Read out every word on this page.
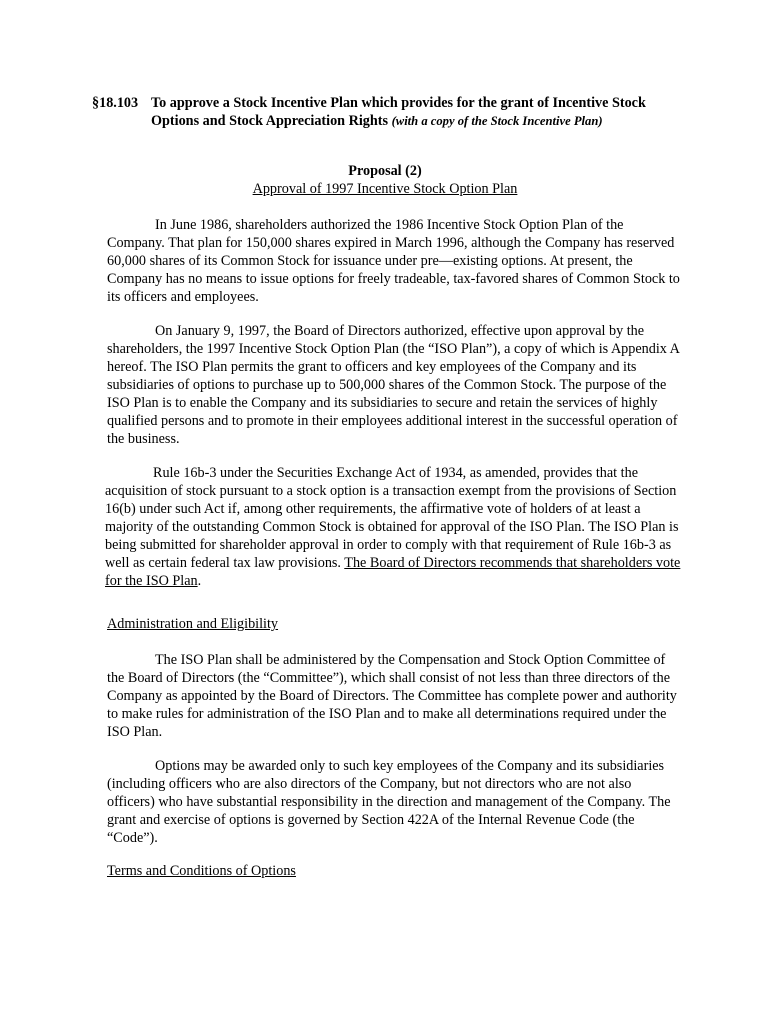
§18.103 To approve a Stock Incentive Plan which provides for the grant of Incentive Stock Options and Stock Appreciation Rights (with a copy of the Stock Incentive Plan)
Proposal (2)
Approval of 1997 Incentive Stock Option Plan
In June 1986, shareholders authorized the 1986 Incentive Stock Option Plan of the Company. That plan for 150,000 shares expired in March 1996, although the Company has reserved 60,000 shares of its Common Stock for issuance under pre—existing options. At present, the Company has no means to issue options for freely tradeable, tax-favored shares of Common Stock to its officers and employees.
On January 9, 1997, the Board of Directors authorized, effective upon approval by the shareholders, the 1997 Incentive Stock Option Plan (the “ISO Plan”), a copy of which is Appendix A hereof. The ISO Plan permits the grant to officers and key employees of the Company and its subsidiaries of options to purchase up to 500,000 shares of the Common Stock. The purpose of the ISO Plan is to enable the Company and its subsidiaries to secure and retain the services of highly qualified persons and to promote in their employees additional interest in the successful operation of the business.
Rule 16b-3 under the Securities Exchange Act of 1934, as amended, provides that the acquisition of stock pursuant to a stock option is a transaction exempt from the provisions of Section 16(b) under such Act if, among other requirements, the affirmative vote of holders of at least a majority of the outstanding Common Stock is obtained for approval of the ISO Plan. The ISO Plan is being submitted for shareholder approval in order to comply with that requirement of Rule 16b-3 as well as certain federal tax law provisions. The Board of Directors recommends that shareholders vote for the ISO Plan.
Administration and Eligibility
The ISO Plan shall be administered by the Compensation and Stock Option Committee of the Board of Directors (the “Committee”), which shall consist of not less than three directors of the Company as appointed by the Board of Directors. The Committee has complete power and authority to make rules for administration of the ISO Plan and to make all determinations required under the ISO Plan.
Options may be awarded only to such key employees of the Company and its subsidiaries (including officers who are also directors of the Company, but not directors who are not also officers) who have substantial responsibility in the direction and management of the Company. The grant and exercise of options is governed by Section 422A of the Internal Revenue Code (the “Code”).
Terms and Conditions of Options
